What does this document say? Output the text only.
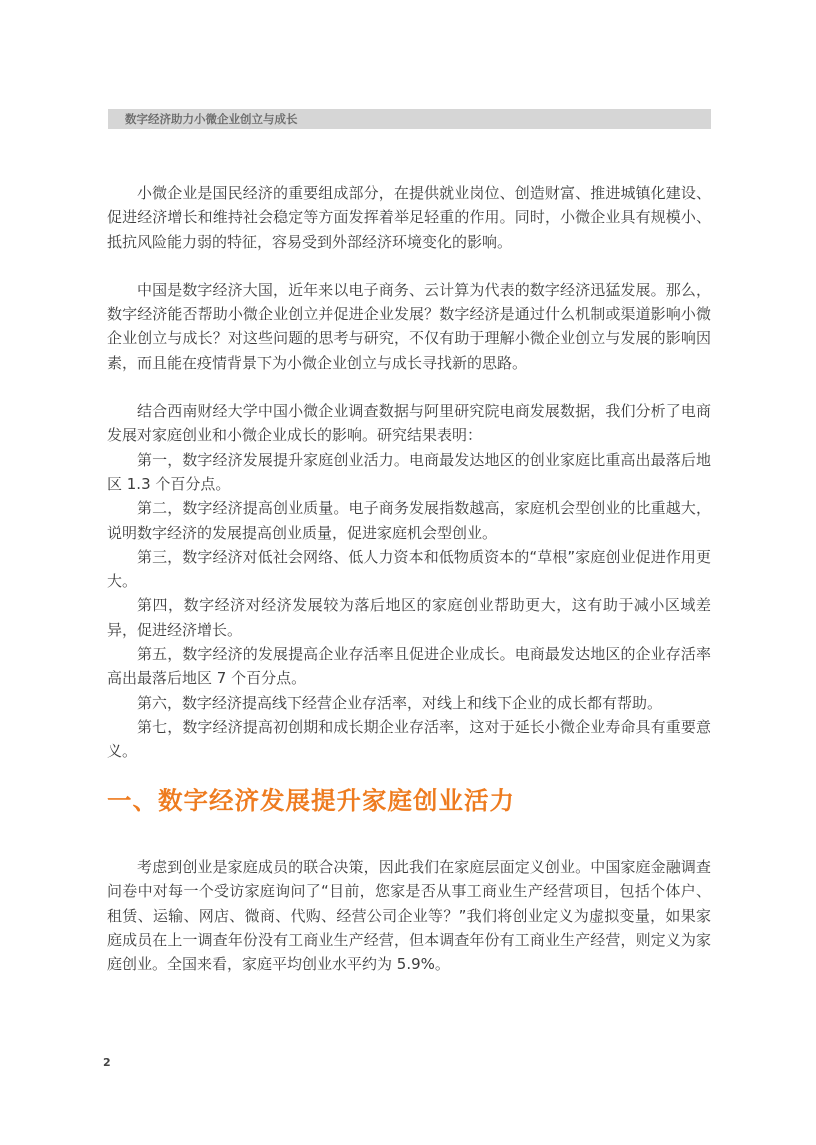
数字经济助力小微企业创立与成长

小微企业是国民经济的重要组成部分，在提供就业岗位、创造财富、推进城镇化建设、促进经济增长和维持社会稳定等方面发挥着举足轻重的作用。同时，小微企业具有规模小、抵抗风险能力弱的特征，容易受到外部经济环境变化的影响。

中国是数字经济大国，近年来以电子商务、云计算为代表的数字经济迅猛发展。那么，数字经济能否帮助小微企业创立并促进企业发展？数字经济是通过什么机制或渠道影响小微企业创立与成长？对这些问题的思考与研究，不仅有助于理解小微企业创立与发展的影响因素，而且能在疫情背景下为小微企业创立与成长寻找新的思路。

结合西南财经大学中国小微企业调查数据与阿里研究院电商发展数据，我们分析了电商发展对家庭创业和小微企业成长的影响。研究结果表明：

第一，数字经济发展提升家庭创业活力。电商最发达地区的创业家庭比重高出最落后地区 1.3 个百分点。

第二，数字经济提高创业质量。电子商务发展指数越高，家庭机会型创业的比重越大，说明数字经济的发展提高创业质量，促进家庭机会型创业。

第三，数字经济对低社会网络、低人力资本和低物质资本的“草根”家庭创业促进作用更大。

第四，数字经济对经济发展较为落后地区的家庭创业帮助更大，这有助于减小区域差异，促进经济增长。

第五，数字经济的发展提高企业存活率且促进企业成长。电商最发达地区的企业存活率高出最落后地区 7 个百分点。

第六，数字经济提高线下经营企业存活率，对线上和线下企业的成长都有帮助。

第七，数字经济提高初创期和成长期企业存活率，这对于延长小微企业寿命具有重要意义。

一、数字经济发展提升家庭创业活力

考虑到创业是家庭成员的联合决策，因此我们在家庭层面定义创业。中国家庭金融调查问卷中对每一个受访家庭询问了“目前，您家是否从事工商业生产经营项目，包括个体户、租赁、运输、网店、微商、代购、经营公司企业等？”我们将创业定义为虚拟变量，如果家庭成员在上一调查年份没有工商业生产经营，但本调查年份有工商业生产经营，则定义为家庭创业。全国来看，家庭平均创业水平约为 5.9%。

2
